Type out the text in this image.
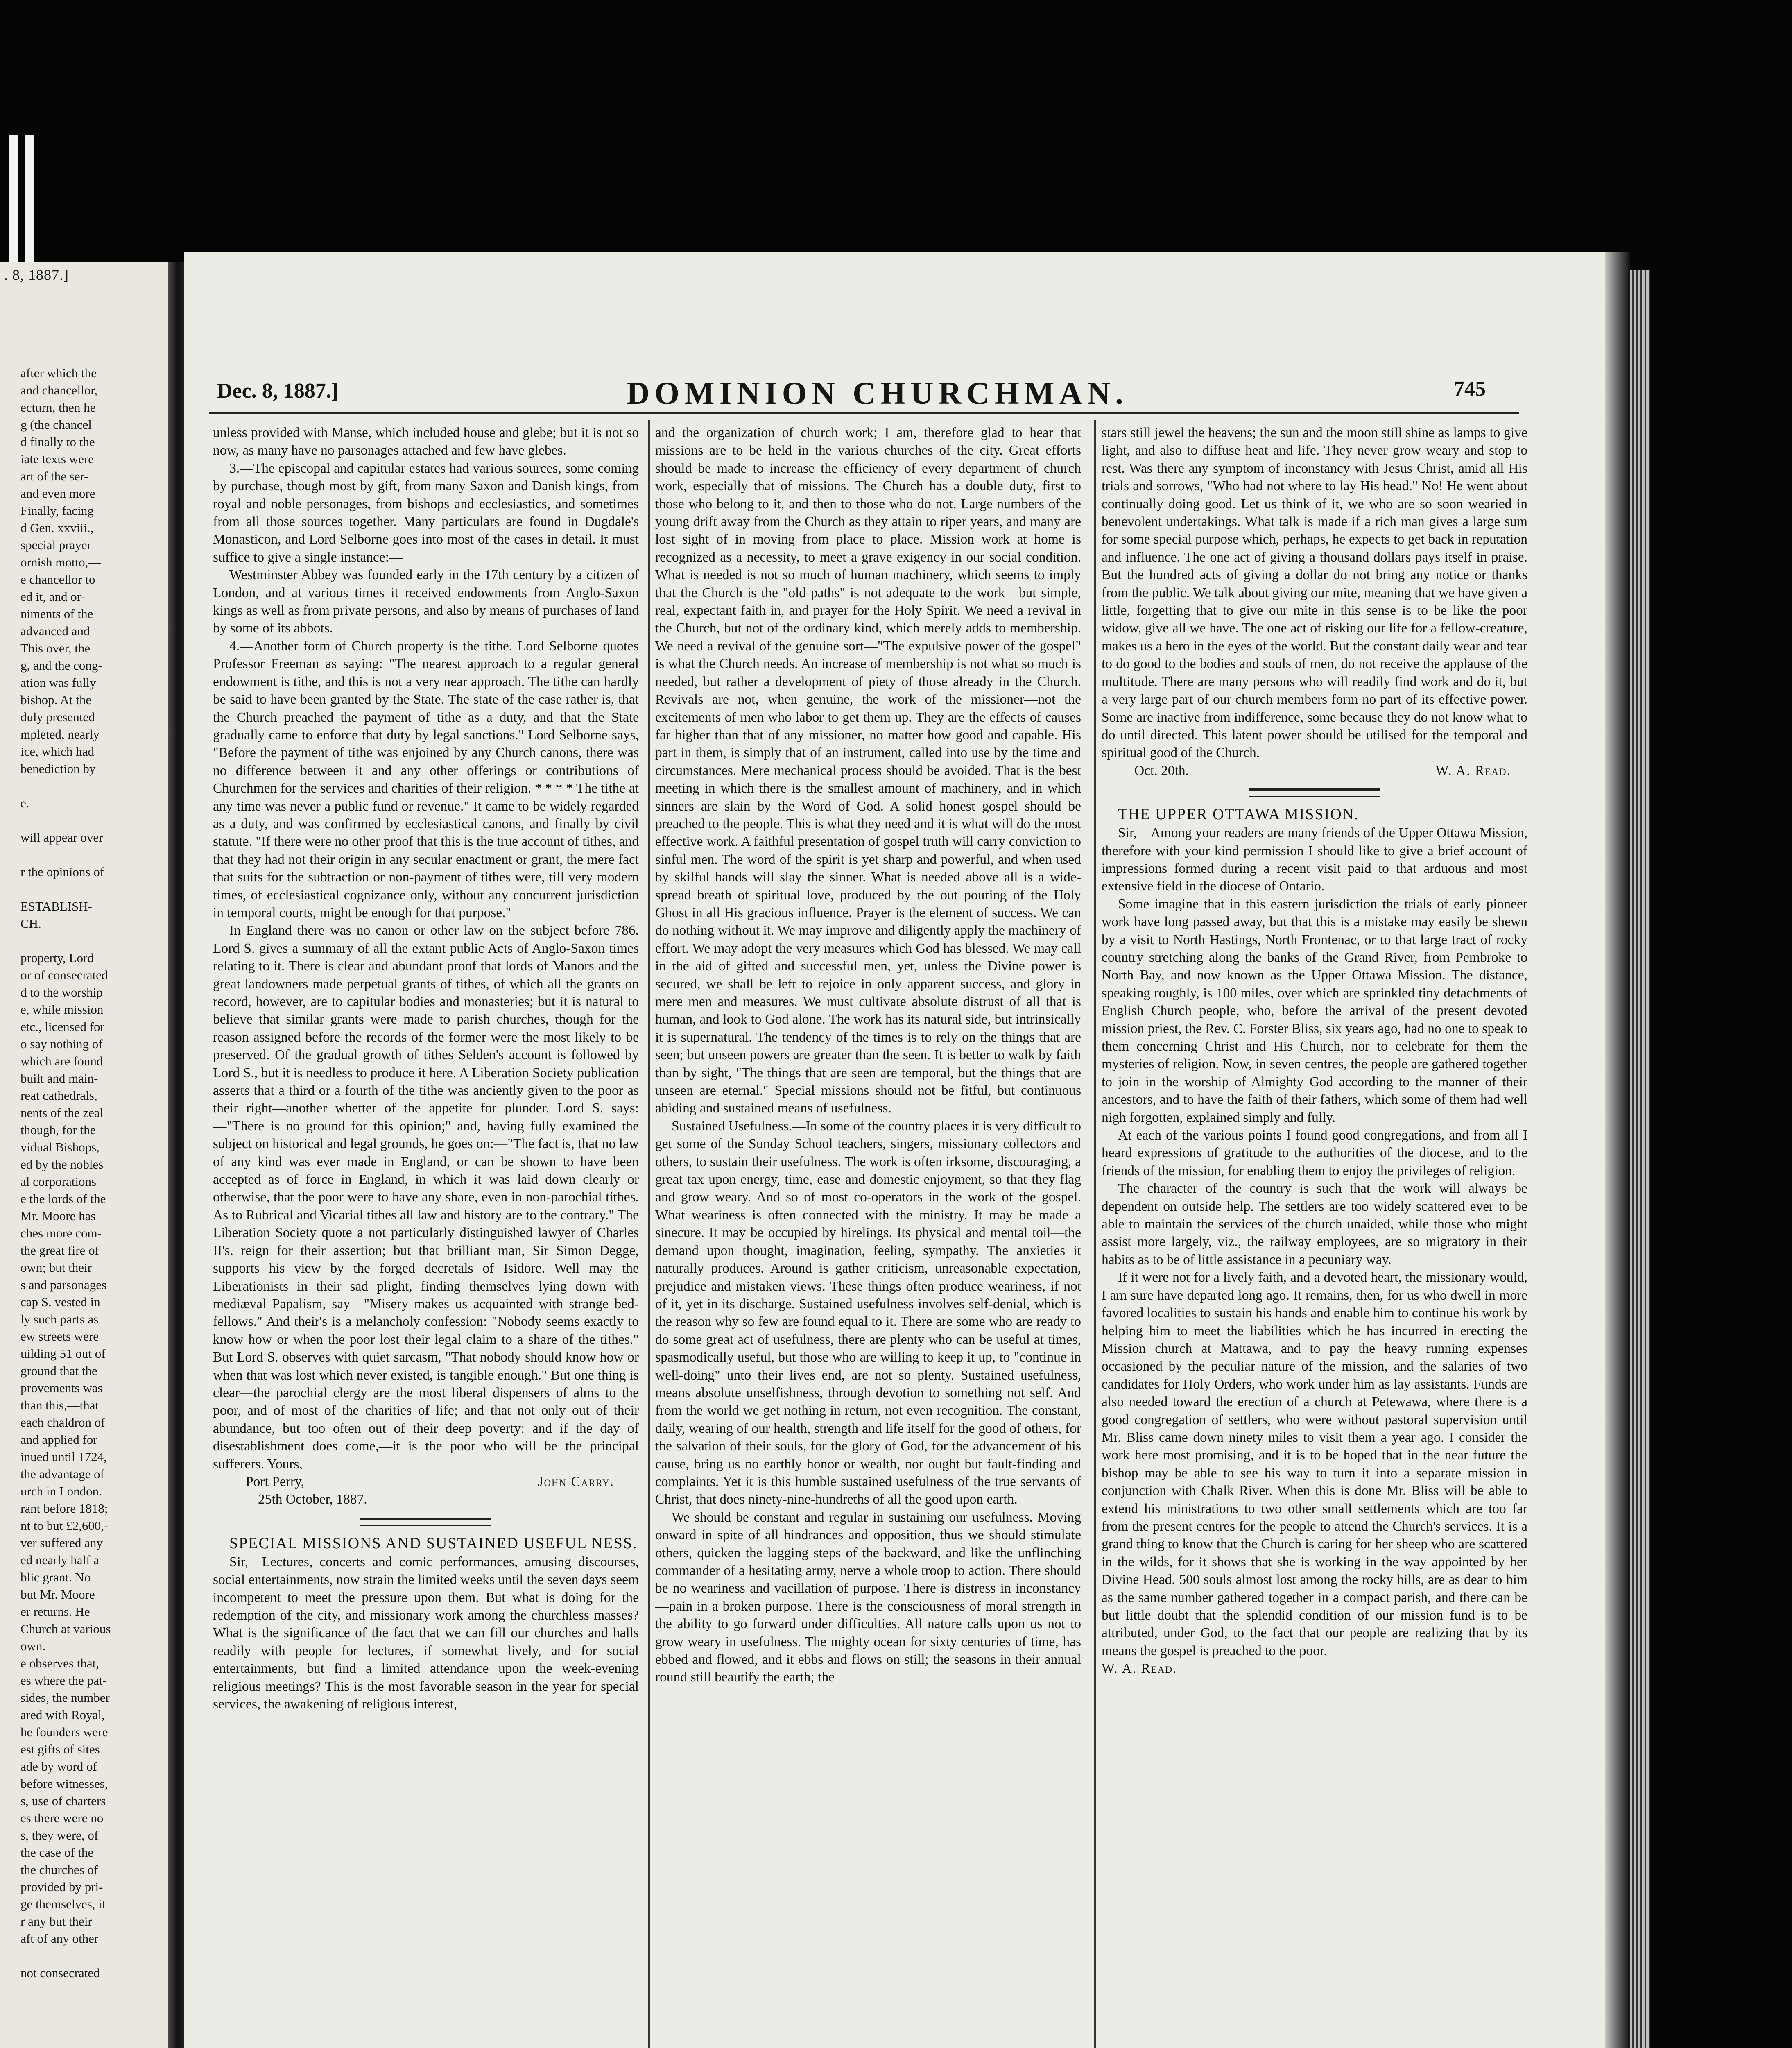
after which the

and chancellor,

ecturn, then he

g (the chancel

d finally to the

iate texts were

art of the ser-

and even more

Finally, facing

d Gen. xxviii.,

special prayer

ornish motto,—

e chancellor to

ed it, and or-

niments of the

advanced and

This over, the

g, and the cong-

ation was fully

bishop. At the

duly presented

mpleted, nearly

ice, which had

benediction by

e.

will appear over

r the opinions of

ESTABLISH-

CH.

property, Lord

or of consecrated

d to the worship

e, while mission

etc., licensed for

o say nothing of

which are found

built and main-

reat cathedrals,

nents of the zeal

though, for the

vidual Bishops,

ed by the nobles

al corporations

e the lords of the

Mr. Moore has

ches more com-

the great fire of

own; but their

s and parsonages

cap S. vested in

ly such parts as

ew streets were

uilding 51 out of

ground that the

provements was

than this,—that

each chaldron of

and applied for

inued until 1724,

the advantage of

urch in London.

rant before 1818;

nt to but £2,600,-

ver suffered any

ed nearly half a

blic grant. No

but Mr. Moore

er returns. He

Church at various

own.

e observes that,

es where the pat-

sides, the number

ared with Royal,

he founders were

est gifts of sites

ade by word of

before witnesses,

s, use of charters

es there were no

s, they were, of

the case of the

the churches of

provided by pri-

ge themselves, it

r any but their

aft of any other

not consecrated

. 8, 1887.]
Dec. 8, 1887.]	DOMINION CHURCHMAN.	745

unless provided with Manse, which included house and glebe; but it is not so now, as many have no parsonages attached and few have glebes.

3.—The episcopal and capitular estates had various sources, some coming by purchase, though most by gift, from many Saxon and Danish kings, from royal and noble personages, from bishops and ecclesiastics, and sometimes from all those sources together. Many particulars are found in Dugdale's Monasticon, and Lord Selborne goes into most of the cases in detail. It must suffice to give a single instance:—

Westminster Abbey was founded early in the 17th century by a citizen of London, and at various times it received endowments from Anglo-Saxon kings as well as from private persons, and also by means of purchases of land by some of its abbots.

4.—Another form of Church property is the tithe. Lord Selborne quotes Professor Freeman as saying: "The nearest approach to a regular general endowment is tithe, and this is not a very near approach. The tithe can hardly be said to have been granted by the State. The state of the case rather is, that the Church preached the payment of tithe as a duty, and that the State gradually came to enforce that duty by legal sanctions." Lord Selborne says, "Before the payment of tithe was enjoined by any Church canons, there was no difference between it and any other offerings or contributions of Churchmen for the services and charities of their religion. * * * * The tithe at any time was never a public fund or revenue." It came to be widely regarded as a duty, and was confirmed by ecclesiastical canons, and finally by civil statute. "If there were no other proof that this is the true account of tithes, and that they had not their origin in any secular enactment or grant, the mere fact that suits for the subtraction or non-payment of tithes were, till very modern times, of ecclesiastical cognizance only, without any concurrent jurisdiction in temporal courts, might be enough for that purpose."

In England there was no canon or other law on the subject before 786. Lord S. gives a summary of all the extant public Acts of Anglo-Saxon times relating to it. There is clear and abundant proof that lords of Manors and the great landowners made perpetual grants of tithes, of which all the grants on record, however, are to capitular bodies and monasteries; but it is natural to believe that similar grants were made to parish churches, though for the reason assigned before the records of the former were the most likely to be preserved. Of the gradual growth of tithes Selden's account is followed by Lord S., but it is needless to produce it here. A Liberation Society publication asserts that a third or a fourth of the tithe was anciently given to the poor as their right—another whetter of the appetite for plunder. Lord S. says:—"There is no ground for this opinion;" and, having fully examined the subject on historical and legal grounds, he goes on:—"The fact is, that no law of any kind was ever made in England, or can be shown to have been accepted as of force in England, in which it was laid down clearly or otherwise, that the poor were to have any share, even in non-parochial tithes. As to Rubrical and Vicarial tithes all law and history are to the contrary." The Liberation Society quote a not particularly distinguished lawyer of Charles II's. reign for their assertion; but that brilliant man, Sir Simon Degge, supports his view by the forged decretals of Isidore. Well may the Liberationists in their sad plight, finding themselves lying down with mediæval Papalism, say—"Misery makes us acquainted with strange bed-fellows." And their's is a melancholy confession: "Nobody seems exactly to know how or when the poor lost their legal claim to a share of the tithes." But Lord S. observes with quiet sarcasm, "That nobody should know how or when that was lost which never existed, is tangible enough." But one thing is clear—the parochial clergy are the most liberal dispensers of alms to the poor, and of most of the charities of life; and that not only out of their abundance, but too often out of their deep poverty: and if the day of disestablishment does come,—it is the poor who will be the principal sufferers. Yours,

Port Perry,	John Carry.

25th October, 1887.

SPECIAL MISSIONS AND SUSTAINED USEFUL NESS.

Sir,—Lectures, concerts and comic performances, amusing discourses, social entertainments, now strain the limited weeks until the seven days seem incompetent to meet the pressure upon them. But what is doing for the redemption of the city, and missionary work among the churchless masses? What is the significance of the fact that we can fill our churches and halls readily with people for lectures, if somewhat lively, and for social entertainments, but find a limited attendance upon the week-evening religious meetings? This is the most favorable season in the year for special services, the awakening of religious interest,

and the organization of church work; I am, therefore glad to hear that missions are to be held in the various churches of the city. Great efforts should be made to increase the efficiency of every department of church work, especially that of missions. The Church has a double duty, first to those who belong to it, and then to those who do not. Large numbers of the young drift away from the Church as they attain to riper years, and many are lost sight of in moving from place to place. Mission work at home is recognized as a necessity, to meet a grave exigency in our social condition. What is needed is not so much of human machinery, which seems to imply that the Church is the "old paths" is not adequate to the work—but simple, real, expectant faith in, and prayer for the Holy Spirit. We need a revival in the Church, but not of the ordinary kind, which merely adds to membership. We need a revival of the genuine sort—"The expulsive power of the gospel" is what the Church needs. An increase of membership is not what so much is needed, but rather a development of piety of those already in the Church. Revivals are not, when genuine, the work of the missioner—not the excitements of men who labor to get them up. They are the effects of causes far higher than that of any missioner, no matter how good and capable. His part in them, is simply that of an instrument, called into use by the time and circumstances. Mere mechanical process should be avoided. That is the best meeting in which there is the smallest amount of machinery, and in which sinners are slain by the Word of God. A solid honest gospel should be preached to the people. This is what they need and it is what will do the most effective work. A faithful presentation of gospel truth will carry conviction to sinful men. The word of the spirit is yet sharp and powerful, and when used by skilful hands will slay the sinner. What is needed above all is a wide-spread breath of spiritual love, produced by the out pouring of the Holy Ghost in all His gracious influence. Prayer is the element of success. We can do nothing without it. We may improve and diligently apply the machinery of effort. We may adopt the very measures which God has blessed. We may call in the aid of gifted and successful men, yet, unless the Divine power is secured, we shall be left to rejoice in only apparent success, and glory in mere men and measures. We must cultivate absolute distrust of all that is human, and look to God alone. The work has its natural side, but intrinsically it is supernatural. The tendency of the times is to rely on the things that are seen; but unseen powers are greater than the seen. It is better to walk by faith than by sight, "The things that are seen are temporal, but the things that are unseen are eternal." Special missions should not be fitful, but continuous abiding and sustained means of usefulness.

Sustained Usefulness.—In some of the country places it is very difficult to get some of the Sunday School teachers, singers, missionary collectors and others, to sustain their usefulness. The work is often irksome, discouraging, a great tax upon energy, time, ease and domestic enjoyment, so that they flag and grow weary. And so of most co-operators in the work of the gospel. What weariness is often connected with the ministry. It may be made a sinecure. It may be occupied by hirelings. Its physical and mental toil—the demand upon thought, imagination, feeling, sympathy. The anxieties it naturally produces. Around is gather criticism, unreasonable expectation, prejudice and mistaken views. These things often produce weariness, if not of it, yet in its discharge. Sustained usefulness involves self-denial, which is the reason why so few are found equal to it. There are some who are ready to do some great act of usefulness, there are plenty who can be useful at times, spasmodically useful, but those who are willing to keep it up, to "continue in well-doing" unto their lives end, are not so plenty. Sustained usefulness, means absolute unselfishness, through devotion to something not self. And from the world we get nothing in return, not even recognition. The constant, daily, wearing of our health, strength and life itself for the good of others, for the salvation of their souls, for the glory of God, for the advancement of his cause, bring us no earthly honor or wealth, nor ought but fault-finding and complaints. Yet it is this humble sustained usefulness of the true servants of Christ, that does ninety-nine-hundreths of all the good upon earth.

We should be constant and regular in sustaining our usefulness. Moving onward in spite of all hindrances and opposition, thus we should stimulate others, quicken the lagging steps of the backward, and like the unflinching commander of a hesitating army, nerve a whole troop to action. There should be no weariness and vacillation of purpose. There is distress in inconstancy—pain in a broken purpose. There is the consciousness of moral strength in the ability to go forward under difficulties. All nature calls upon us not to grow weary in usefulness. The mighty ocean for sixty centuries of time, has ebbed and flowed, and it ebbs and flows on still; the seasons in their annual round still beautify the earth; the

stars still jewel the heavens; the sun and the moon still shine as lamps to give light, and also to diffuse heat and life. They never grow weary and stop to rest. Was there any symptom of inconstancy with Jesus Christ, amid all His trials and sorrows, "Who had not where to lay His head." No! He went about continually doing good. Let us think of it, we who are so soon wearied in benevolent undertakings. What talk is made if a rich man gives a large sum for some special purpose which, perhaps, he expects to get back in reputation and influence. The one act of giving a thousand dollars pays itself in praise. But the hundred acts of giving a dollar do not bring any notice or thanks from the public. We talk about giving our mite, meaning that we have given a little, forgetting that to give our mite in this sense is to be like the poor widow, give all we have. The one act of risking our life for a fellow-creature, makes us a hero in the eyes of the world. But the constant daily wear and tear to do good to the bodies and souls of men, do not receive the applause of the multitude. There are many persons who will readily find work and do it, but a very large part of our church members form no part of its effective power. Some are inactive from indifference, some because they do not know what to do until directed. This latent power should be utilised for the temporal and spiritual good of the Church.

Oct. 20th.	W. A. Read.

THE UPPER OTTAWA MISSION.

Sir,—Among your readers are many friends of the Upper Ottawa Mission, therefore with your kind permission I should like to give a brief account of impressions formed during a recent visit paid to that arduous and most extensive field in the diocese of Ontario.

Some imagine that in this eastern jurisdiction the trials of early pioneer work have long passed away, but that this is a mistake may easily be shewn by a visit to North Hastings, North Frontenac, or to that large tract of rocky country stretching along the banks of the Grand River, from Pembroke to North Bay, and now known as the Upper Ottawa Mission. The distance, speaking roughly, is 100 miles, over which are sprinkled tiny detachments of English Church people, who, before the arrival of the present devoted mission priest, the Rev. C. Forster Bliss, six years ago, had no one to speak to them concerning Christ and His Church, nor to celebrate for them the mysteries of religion. Now, in seven centres, the people are gathered together to join in the worship of Almighty God according to the manner of their ancestors, and to have the faith of their fathers, which some of them had well nigh forgotten, explained simply and fully.

At each of the various points I found good congregations, and from all I heard expressions of gratitude to the authorities of the diocese, and to the friends of the mission, for enabling them to enjoy the privileges of religion.

The character of the country is such that the work will always be dependent on outside help. The settlers are too widely scattered ever to be able to maintain the services of the church unaided, while those who might assist more largely, viz., the railway employees, are so migratory in their habits as to be of little assistance in a pecuniary way.

If it were not for a lively faith, and a devoted heart, the missionary would, I am sure have departed long ago. It remains, then, for us who dwell in more favored localities to sustain his hands and enable him to continue his work by helping him to meet the liabilities which he has incurred in erecting the Mission church at Mattawa, and to pay the heavy running expenses occasioned by the peculiar nature of the mission, and the salaries of two candidates for Holy Orders, who work under him as lay assistants. Funds are also needed toward the erection of a church at Petewawa, where there is a good congregation of settlers, who were without pastoral supervision until Mr. Bliss came down ninety miles to visit them a year ago. I consider the work here most promising, and it is to be hoped that in the near future the bishop may be able to see his way to turn it into a separate mission in conjunction with Chalk River. When this is done Mr. Bliss will be able to extend his ministrations to two other small settlements which are too far from the present centres for the people to attend the Church's services. It is a grand thing to know that the Church is caring for her sheep who are scattered in the wilds, for it shows that she is working in the way appointed by her Divine Head. 500 souls almost lost among the rocky hills, are as dear to him as the same number gathered together in a compact parish, and there can be but little doubt that the splendid condition of our mission fund is to be attributed, under God, to the fact that our people are realizing that by its means the gospel is preached to the poor.

W. A. Read.
